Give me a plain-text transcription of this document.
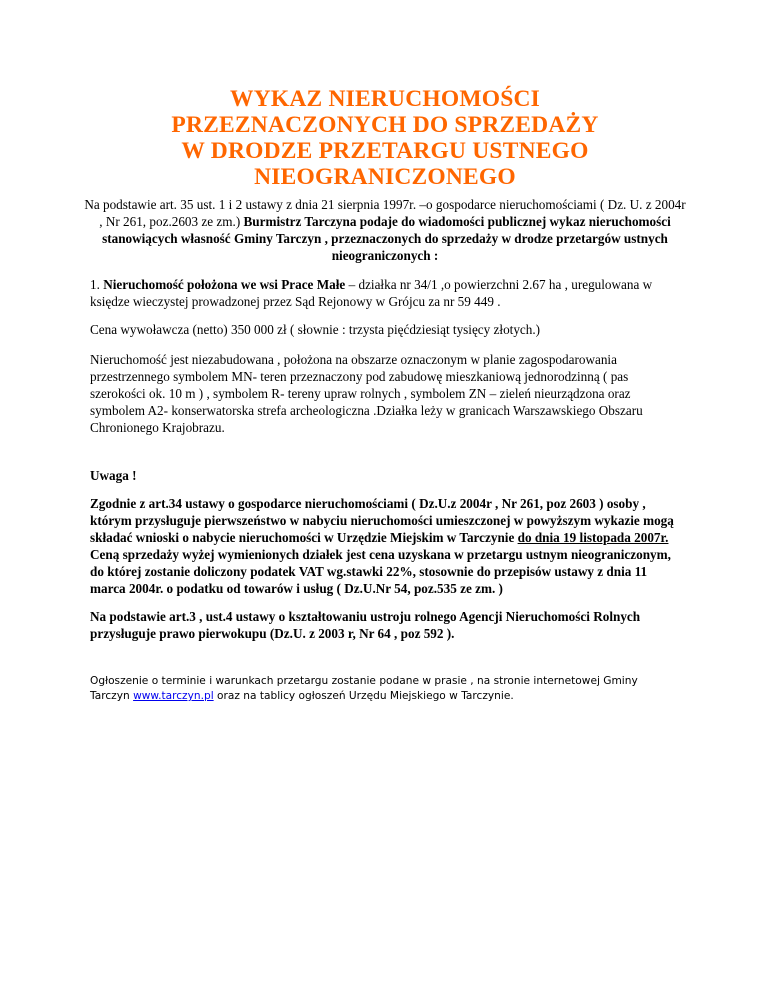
WYKAZ NIERUCHOMOŚCI
PRZEZNACZONYCH DO SPRZEDAŻY
W DRODZE PRZETARGU USTNEGO
NIEOGRANICZONEGO

Na podstawie art. 35 ust. 1 i 2 ustawy z dnia 21 sierpnia 1997r. –o gospodarce nieruchomościami ( Dz. U. z 2004r , Nr 261, poz.2603 ze zm.) Burmistrz Tarczyna podaje do wiadomości publicznej wykaz nieruchomości stanowiących własność Gminy Tarczyn , przeznaczonych do sprzedaży w drodze przetargów ustnych nieograniczonych :

1. Nieruchomość położona we wsi Prace Małe – działka nr 34/1 ,o powierzchni 2.67 ha , uregulowana w księdze wieczystej prowadzonej przez Sąd Rejonowy w Grójcu za nr 59 449 .

Cena wywoławcza (netto) 350 000 zł ( słownie : trzysta pięćdziesiąt tysięcy złotych.)

Nieruchomość jest niezabudowana , położona na obszarze oznaczonym w planie zagospodarowania przestrzennego symbolem MN- teren przeznaczony pod zabudowę mieszkaniową jednorodzinną ( pas szerokości ok. 10 m ) , symbolem R- tereny upraw rolnych , symbolem ZN – zieleń nieurządzona oraz symbolem A2- konserwatorska strefa archeologiczna .Działka leży w granicach Warszawskiego Obszaru Chronionego Krajobrazu.

Uwaga !

Zgodnie z art.34 ustawy o gospodarce nieruchomościami ( Dz.U.z 2004r , Nr 261, poz 2603 ) osoby , którym przysługuje pierwszeństwo w nabyciu nieruchomości umieszczonej w powyższym wykazie mogą składać wnioski o nabycie nieruchomości w Urzędzie Miejskim w Tarczynie do dnia 19 listopada 2007r. Ceną sprzedaży wyżej wymienionych działek jest cena uzyskana w przetargu ustnym nieograniczonym, do której zostanie doliczony podatek VAT wg.stawki 22%, stosownie do przepisów ustawy z dnia 11 marca 2004r. o podatku od towarów i usług ( Dz.U.Nr 54, poz.535 ze zm. )

Na podstawie art.3 , ust.4 ustawy o kształtowaniu ustroju rolnego Agencji Nieruchomości Rolnych przysługuje prawo pierwokupu (Dz.U. z 2003 r, Nr 64 , poz 592 ).

Ogłoszenie o terminie i warunkach przetargu zostanie podane w prasie , na stronie internetowej Gminy Tarczyn www.tarczyn.pl oraz na tablicy ogłoszeń Urzędu Miejskiego w Tarczynie.
